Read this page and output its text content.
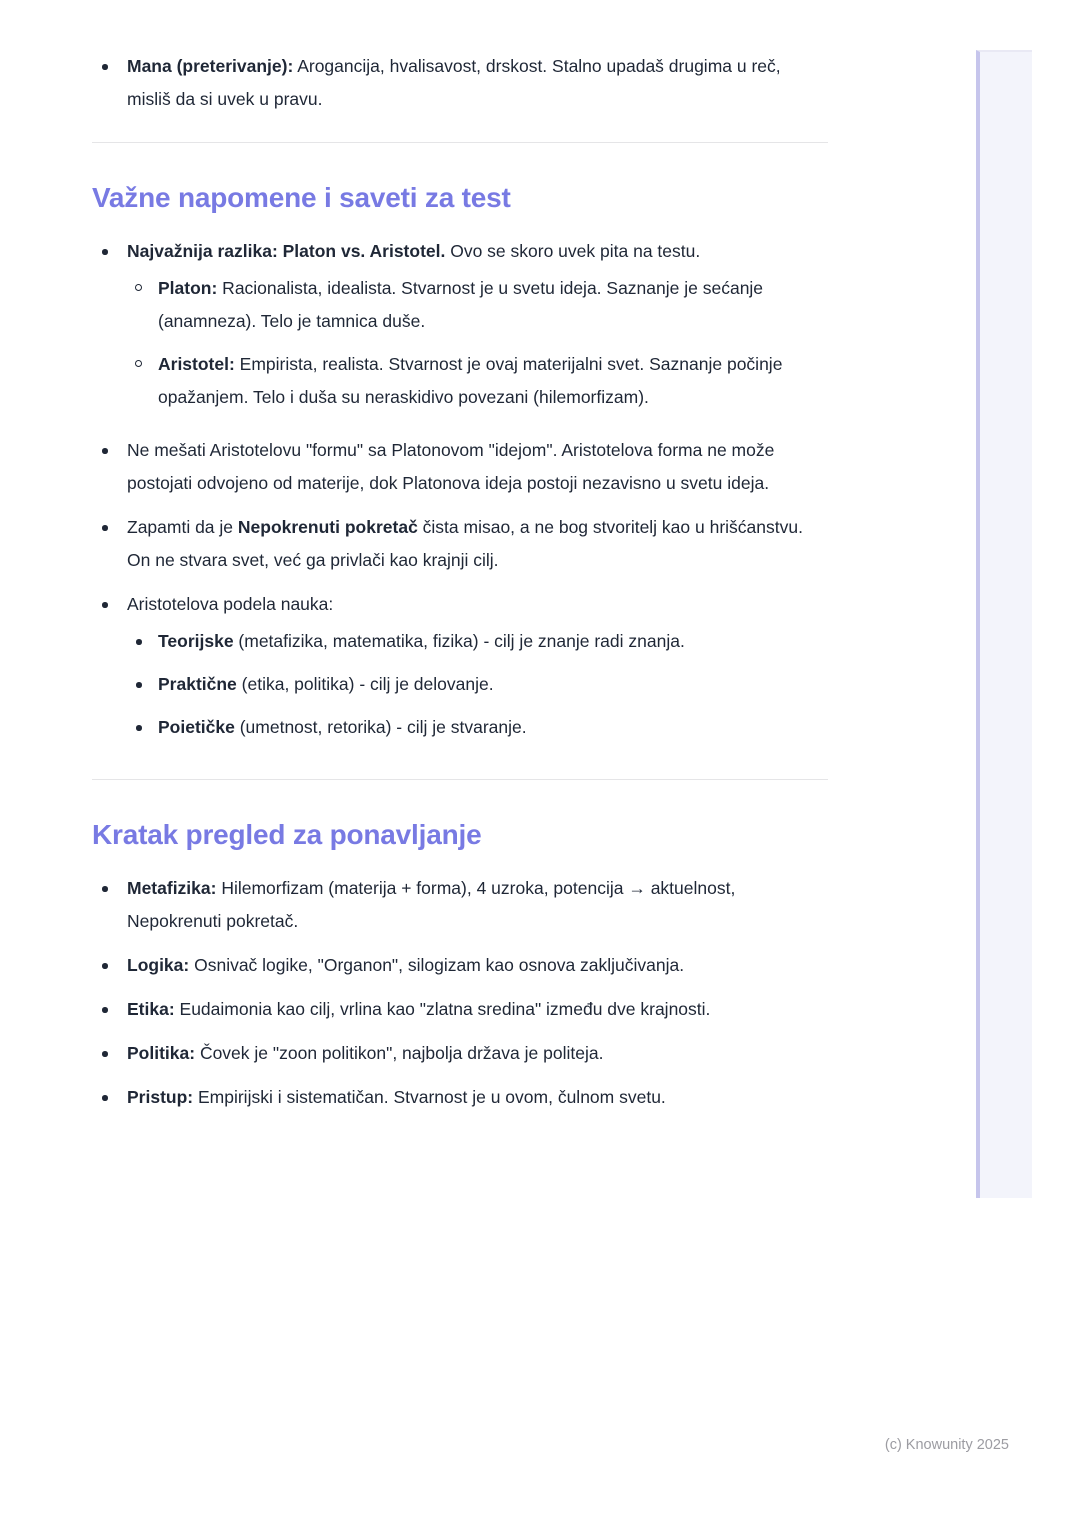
Mana (preterivanje): Arogancija, hvalisavost, drskost. Stalno upadaš drugima u reč, misliš da si uvek u pravu.
Važne napomene i saveti za test
Najvažnija razlika: Platon vs. Aristotel. Ovo se skoro uvek pita na testu.
Platon: Racionalista, idealista. Stvarnost je u svetu ideja. Saznanje je sećanje (anamneza). Telo je tamnica duše.
Aristotel: Empirista, realista. Stvarnost je ovaj materijalni svet. Saznanje počinje opažanjem. Telo i duša su neraskidivo povezani (hilemorfizam).
Ne mešati Aristotelovu "formu" sa Platonovom "idejom". Aristotelova forma ne može postojati odvojeno od materije, dok Platonova ideja postoji nezavisno u svetu ideja.
Zapamti da je Nepokrenuti pokretač čista misao, a ne bog stvoritelj kao u hrišćanstvu. On ne stvara svet, već ga privlači kao krajnji cilj.
Aristotelova podela nauka:
Teorijske (metafizika, matematika, fizika) - cilj je znanje radi znanja.
Praktične (etika, politika) - cilj je delovanje.
Poietičke (umetnost, retorika) - cilj je stvaranje.
Kratak pregled za ponavljanje
Metafizika: Hilemorfizam (materija + forma), 4 uzroka, potencija → aktuelnost, Nepokrenuti pokretač.
Logika: Osnivač logike, "Organon", silogizam kao osnova zaključivanja.
Etika: Eudaimonia kao cilj, vrlina kao "zlatna sredina" između dve krajnosti.
Politika: Čovek je "zoon politikon", najbolja država je politeja.
Pristup: Empirijski i sistematičan. Stvarnost je u ovom, čulnom svetu.
(c) Knowunity 2025
